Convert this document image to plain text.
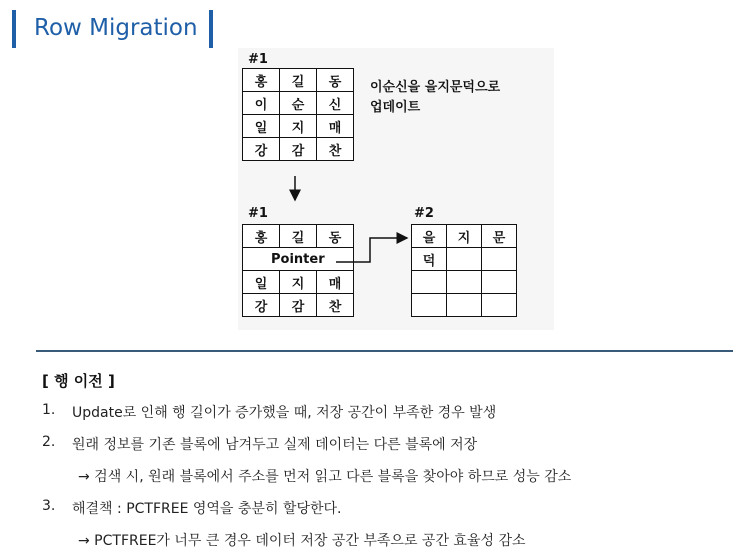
Row Migration
#1
홍	길	동
이	순	신
일	지	매
강	감	찬
이순신을 을지문덕으로
업데이트
#1
홍	길	동
Pointer		
일	지	매
강	감	찬
#2
을	지	문
덕		

[ 행 이전 ]
1. Update로 인해 행 길이가 증가했을 때, 저장 공간이 부족한 경우 발생
2. 원래 정보를 기존 블록에 남겨두고 실제 데이터는 다른 블록에 저장
→ 검색 시, 원래 블록에서 주소를 먼저 읽고 다른 블록을 찾아야 하므로 성능 감소
3. 해결책 : PCTFREE 영역을 충분히 할당한다.
→ PCTFREE가 너무 큰 경우 데이터 저장 공간 부족으로 공간 효율성 감소
